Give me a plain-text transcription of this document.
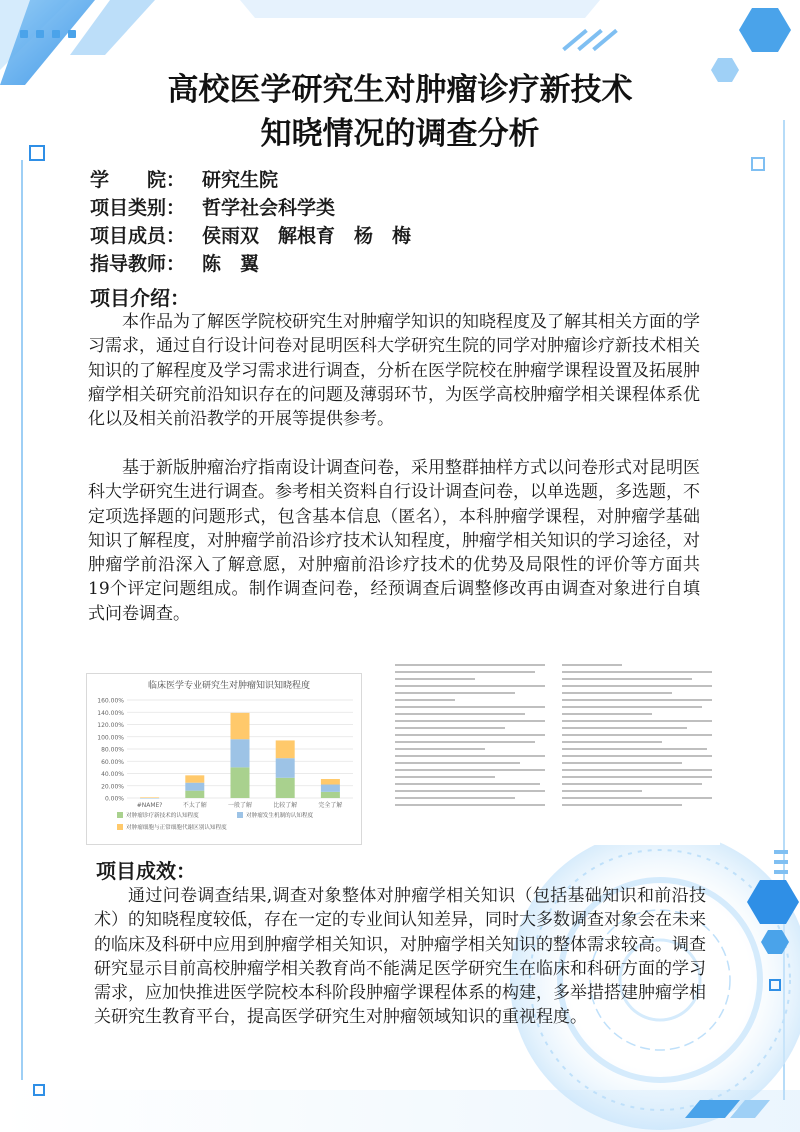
高校医学研究生对肿瘤诊疗新技术
知晓情况的调查分析
学　　院： 研究生院
项目类别： 哲学社会科学类
项目成员： 侯雨双　解根育　杨　梅
指导教师： 陈　翼
项目介绍：

本作品为了解医学院校研究生对肿瘤学知识的知晓程度及了解其相关方面的学习需求，通过自行设计问卷对昆明医科大学研究生院的同学对肿瘤诊疗新技术相关知识的了解程度及学习需求进行调查，分析在医学院校在肿瘤学课程设置及拓展肿瘤学相关研究前沿知识存在的问题及薄弱环节，为医学高校肿瘤学相关课程体系优化以及相关前沿教学的开展等提供参考。

基于新版肿瘤治疗指南设计调查问卷，采用整群抽样方式以问卷形式对昆明医科大学研究生进行调查。参考相关资料自行设计调查问卷，以单选题，多选题，不定项选择题的问题形式，包含基本信息（匿名），本科肿瘤学课程，对肿瘤学基础知识了解程度，对肿瘤学前沿诊疗技术认知程度，肿瘤学相关知识的学习途径，对肿瘤学前沿深入了解意愿，对肿瘤前沿诊疗技术的优势及局限性的评价等方面共19个评定问题组成。制作调查问卷，经预调查后调整修改再由调查对象进行自填式问卷调查。

临床医学专业研究生对肿瘤知识知晓程度
160.00%
140.00%
120.00%
100.00%
80.00%
60.00%
40.00%
20.00%
0.00%
#NAME?	不太了解	一般了解	比较了解	完全了解
对肿瘤诊疗新技术的认知程度	对肿瘤发生机制的认知程度
对肿瘤细胞与正常细胞代谢区别认知程度
项目成效：

通过问卷调查结果,调查对象整体对肿瘤学相关知识（包括基础知识和前沿技术）的知晓程度较低，存在一定的专业间认知差异，同时大多数调查对象会在未来的临床及科研中应用到肿瘤学相关知识，对肿瘤学相关知识的整体需求较高。调查研究显示目前高校肿瘤学相关教育尚不能满足医学研究生在临床和科研方面的学习需求，应加快推进医学院校本科阶段肿瘤学课程体系的构建，多举措搭建肿瘤学相关研究生教育平台，提高医学研究生对肿瘤领域知识的重视程度。
